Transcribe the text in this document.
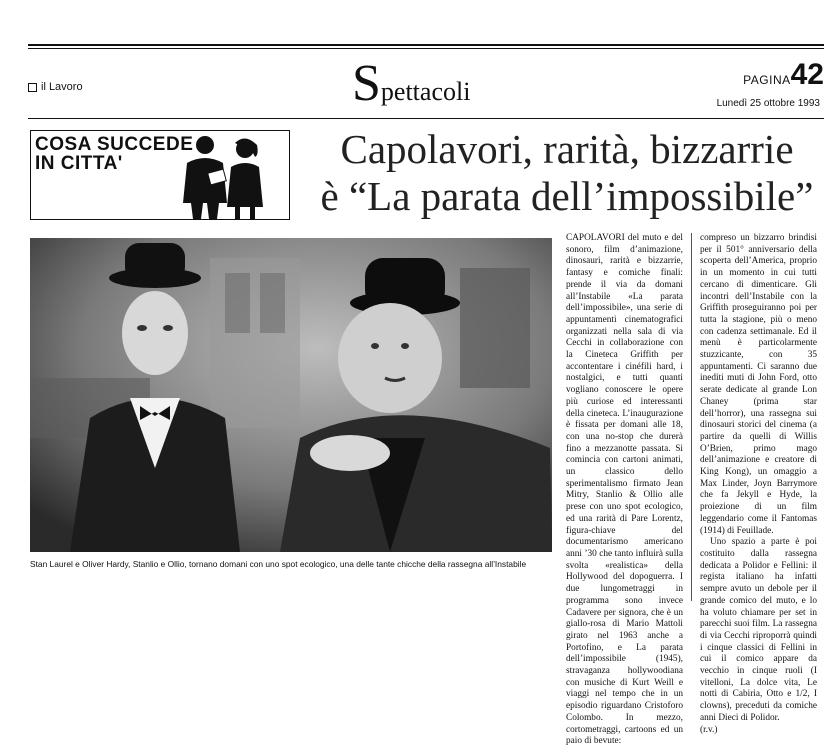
il Lavoro	Spettacoli	PAGINA42
Lunedì 25 ottobre 1993
COSA SUCCEDE
IN CITTA'	Capolavori, rarità, bizzarrie
è “La parata dell’impossibile”
Stan Laurel e Oliver Hardy, Stanlio e Ollio, tornano domani con uno spot ecologico, una delle tante chicche della rassegna all’Instabile

CAPOLAVORI del muto e del sonoro, film d’animazione, dinosauri, rarità e bizzarrie, fantasy e comiche finali: prende il via da domani all’Instabile «La parata dell’impossibile», una serie di appuntamenti cinematografici organizzati nella sala di via Cecchi in collaborazione con la Cineteca Griffith per accontentare i cinéfili hard, i nostalgici, e tutti quanti vogliano conoscere le opere più curiose ed interessanti della cineteca. L’inaugurazione è fissata per domani alle 18, con una no-stop che durerà fino a mezzanotte passata. Si comincia con cartoni animati, un classico dello sperimentalismo firmato Jean Mitry, Stanlio & Ollio alle prese con uno spot ecologico, ed una rarità di Pare Lorentz, figura-chiave del documentarismo americano anni ’30 che tanto influirà sulla svolta «realistica» della Hollywood del dopoguerra. I due lungometraggi in programma sono invece Cadavere per signora, che è un giallo-rosa di Mario Mattoli girato nel 1963 anche a Portofino, e La parata dell’impossibile (1945), stravaganza hollywoodiana con musiche di Kurt Weill e viaggi nel tempo che in un episodio riguardano Cristoforo Colombo. In mezzo, cortometraggi, cartoons ed un paio di bevute:

compreso un bizzarro brindisi per il 501° anniversario della scoperta dell’America, proprio in un momento in cui tutti cercano di dimenticare. Gli incontri dell’Instabile con la Griffith proseguiranno poi per tutta la stagione, più o meno con cadenza settimanale. Ed il menù è particolarmente stuzzicante, con 35 appuntamenti. Ci saranno due inediti muti di John Ford, otto serate dedicate al grande Lon Chaney (prima star dell’horror), una rassegna sui dinosauri storici del cinema (a partire da quelli di Willis O’Brien, primo mago dell’animazione e creatore di King Kong), un omaggio a Max Linder, Joyn Barrymore che fa Jekyll e Hyde, la proiezione di un film leggendario come il Fantomas (1914) di Feuillade.

Uno spazio a parte è poi costituito dalla rassegna dedicata a Polidor e Fellini: il regista italiano ha infatti sempre avuto un debole per il grande comico del muto, e lo ha voluto chiamare per set in parecchi suoi film. La rassegna di via Cecchi riproporrà quindi i cinque classici di Fellini in cui il comico appare da vecchio in cinque ruoli (I vitelloni, La dolce vita, Le notti di Cabiria, Otto e 1/2, I clowns), preceduti da comiche anni Dieci di Polidor.

(r.v.)
